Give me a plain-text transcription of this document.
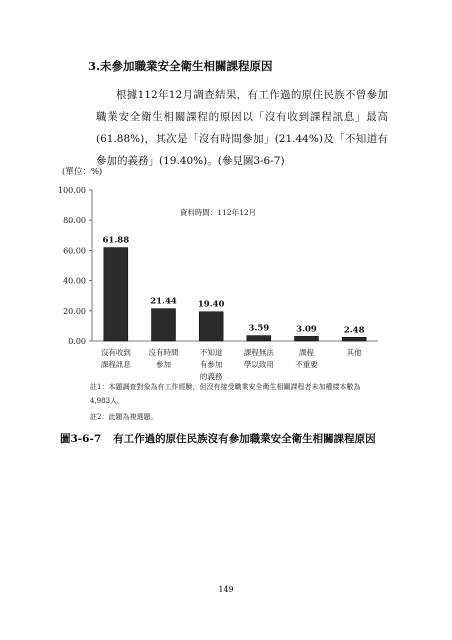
3.未參加職業安全衛生相關課程原因

根據112年12月調查結果，有工作過的原住民族不曾參加職業安全衛生相關課程的原因以「沒有收到課程訊息」最高(61.88%)，其次是「沒有時間參加」(21.44%)及「不知道有參加的義務」(19.40%)。(參見圖3-6-7)

(單位：%)
0.00
20.00
40.00
60.00
80.00
100.00
資料時間：112年12月
61.88
沒有收到
課程訊息
21.44
沒有時間
參加
19.40
不知道
有參加
的義務
3.59
課程無法
學以致用
3.09
課程
不重要
2.48
其他
註1：本題調查對象為有工作經驗，但沒有接受職業安全衛生相關課程者未加權樣本數為
4,983人。
註2：此題為複選題。
圖3-6-7 有工作過的原住民族沒有參加職業安全衛生相關課程原因
149
